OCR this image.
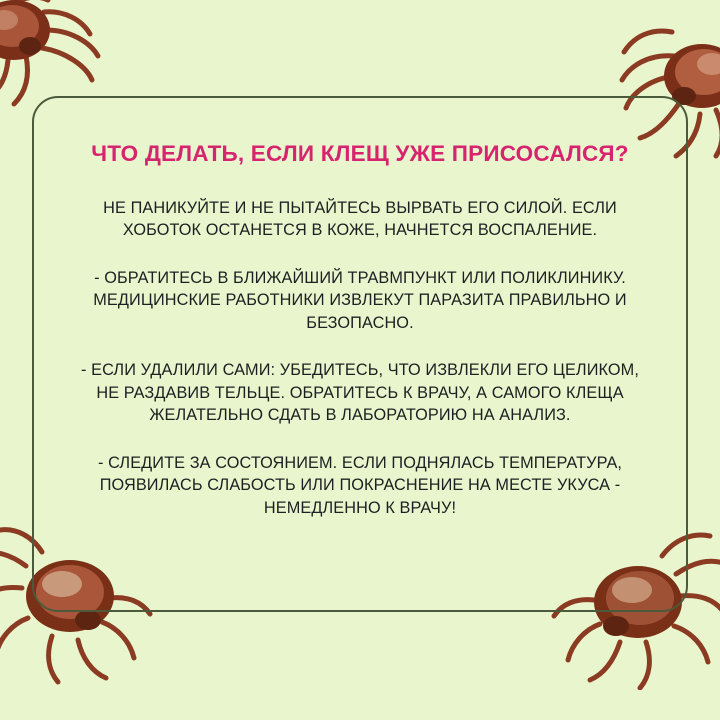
ЧТО ДЕЛАТЬ, ЕСЛИ КЛЕЩ УЖЕ ПРИСОСАЛСЯ?

НЕ ПАНИКУЙТЕ И НЕ ПЫТАЙТЕСЬ ВЫРВАТЬ ЕГО СИЛОЙ. ЕСЛИ ХОБОТОК ОСТАНЕТСЯ В КОЖЕ, НАЧНЕТСЯ ВОСПАЛЕНИЕ.

- ОБРАТИТЕСЬ В БЛИЖАЙШИЙ ТРАВМПУНКТ ИЛИ ПОЛИКЛИНИКУ. МЕДИЦИНСКИЕ РАБОТНИКИ ИЗВЛЕКУТ ПАРАЗИТА ПРАВИЛЬНО И БЕЗОПАСНО.

- ЕСЛИ УДАЛИЛИ САМИ: УБЕДИТЕСЬ, ЧТО ИЗВЛЕКЛИ ЕГО ЦЕЛИКОМ, НЕ РАЗДАВИВ ТЕЛЬЦЕ. ОБРАТИТЕСЬ К ВРАЧУ, А САМОГО КЛЕЩА ЖЕЛАТЕЛЬНО СДАТЬ В ЛАБОРАТОРИЮ НА АНАЛИЗ.

- СЛЕДИТЕ ЗА СОСТОЯНИЕМ. ЕСЛИ ПОДНЯЛАСЬ ТЕМПЕРАТУРА, ПОЯВИЛАСЬ СЛАБОСТЬ ИЛИ ПОКРАСНЕНИЕ НА МЕСТЕ УКУСА - НЕМЕДЛЕННО К ВРАЧУ!
